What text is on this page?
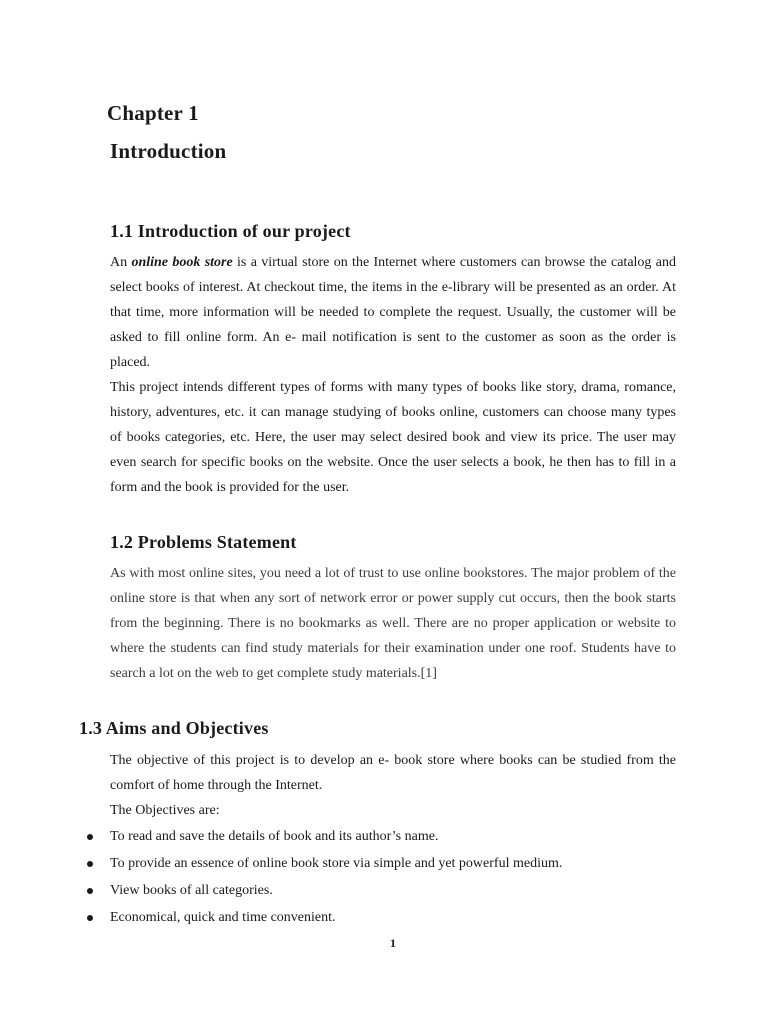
Chapter 1
Introduction
1.1 Introduction of our project

An online book store is a virtual store on the Internet where customers can browse the catalog and select books of interest. At checkout time, the items in the e-library will be presented as an order. At that time, more information will be needed to complete the request. Usually, the customer will be asked to fill online form. An e- mail notification is sent to the customer as soon as the order is placed.

This project intends different types of forms with many types of books like story, drama, romance, history, adventures, etc. it can manage studying of books online, customers can choose many types of books categories, etc. Here, the user may select desired book and view its price. The user may even search for specific books on the website. Once the user selects a book, he then has to fill in a form and the book is provided for the user.

1.2 Problems Statement

As with most online sites, you need a lot of trust to use online bookstores. The major problem of the online store is that when any sort of network error or power supply cut occurs, then the book starts from the beginning. There is no bookmarks as well. There are no proper application or website to where the students can find study materials for their examination under one roof. Students have to search a lot on the web to get complete study materials.[1]

1.3 Aims and Objectives

The objective of this project is to develop an e- book store where books can be studied from the comfort of home through the Internet.

The Objectives are:

To read and save the details of book and its author’s name.
To provide an essence of online book store via simple and yet powerful medium.
View books of all categories.
Economical, quick and time convenient.
1
